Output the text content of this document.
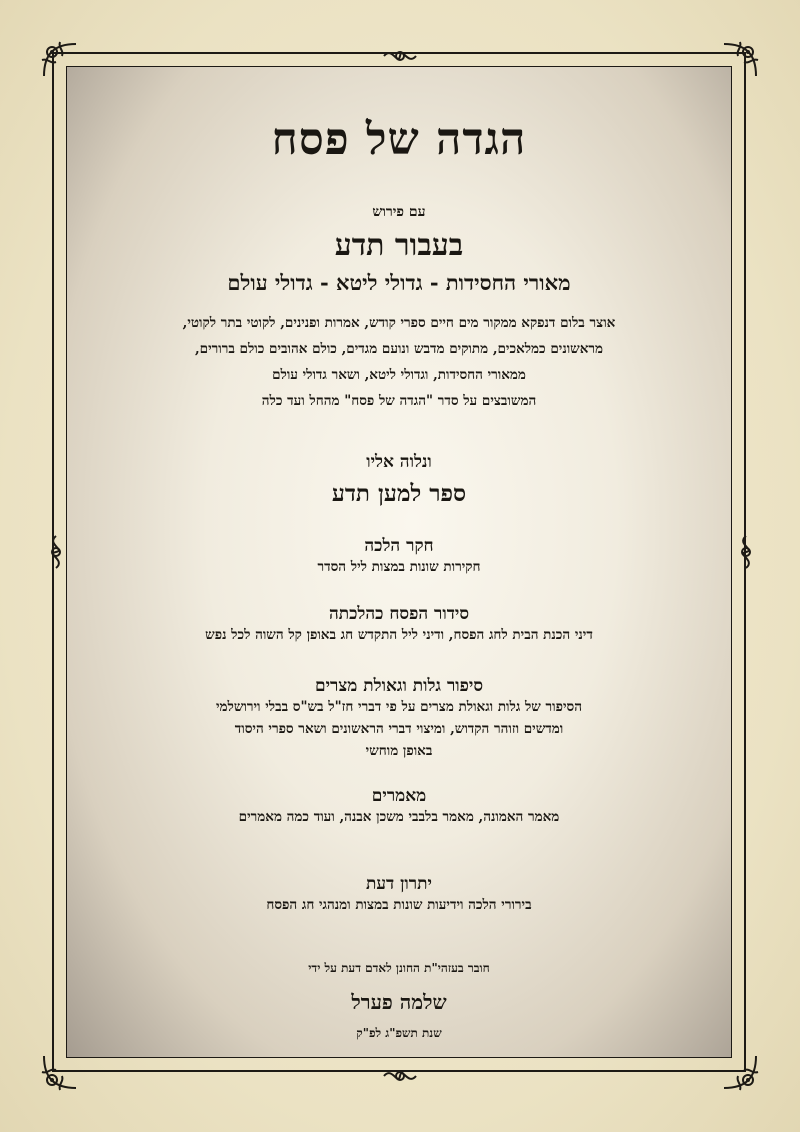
הגדה של פסח
עם פירוש
בעבור תדע
מאורי החסידות - גדולי ליטא - גדולי עולם
אוצר בלום דנפקא ממקור מים חיים ספרי קודש, אמרות ופנינים, לקוטי בתר לקוטי,
מראשונים כמלאכים, מתוקים מדבש ונועם מגדים, כולם אהובים כולם ברורים,
ממאורי החסידות, וגדולי ליטא, ושאר גדולי עולם
המשובצים על סדר "הגדה של פסח" מהחל ועד כלה
ונלוה אליו
ספר למען תדע
חקר הלכה
חקירות שונות במצות ליל הסדר
סידור הפסח כהלכתה
דיני הכנת הבית לחג הפסח, ודיני ליל התקדש חג באופן קל השוה לכל נפש
סיפור גלות וגאולת מצרים
הסיפור של גלות וגאולת מצרים על פי דברי חז"ל בש"ס בבלי וירושלמי
ומדשים וזוהר הקדוש, ומיצוי דברי הראשונים ושאר ספרי היסוד
באופן מוחשי
מאמרים
מאמר האמונה, מאמר בלבבי משכן אבנה, ועוד כמה מאמרים
יתרון דעת
בירורי הלכה וידיעות שונות במצות ומנהגי חג הפסח
חובר בעזהי"ת החונן לאדם דעת על ידי
שלמה פערל
שנת תשפ"ג לפ"ק
